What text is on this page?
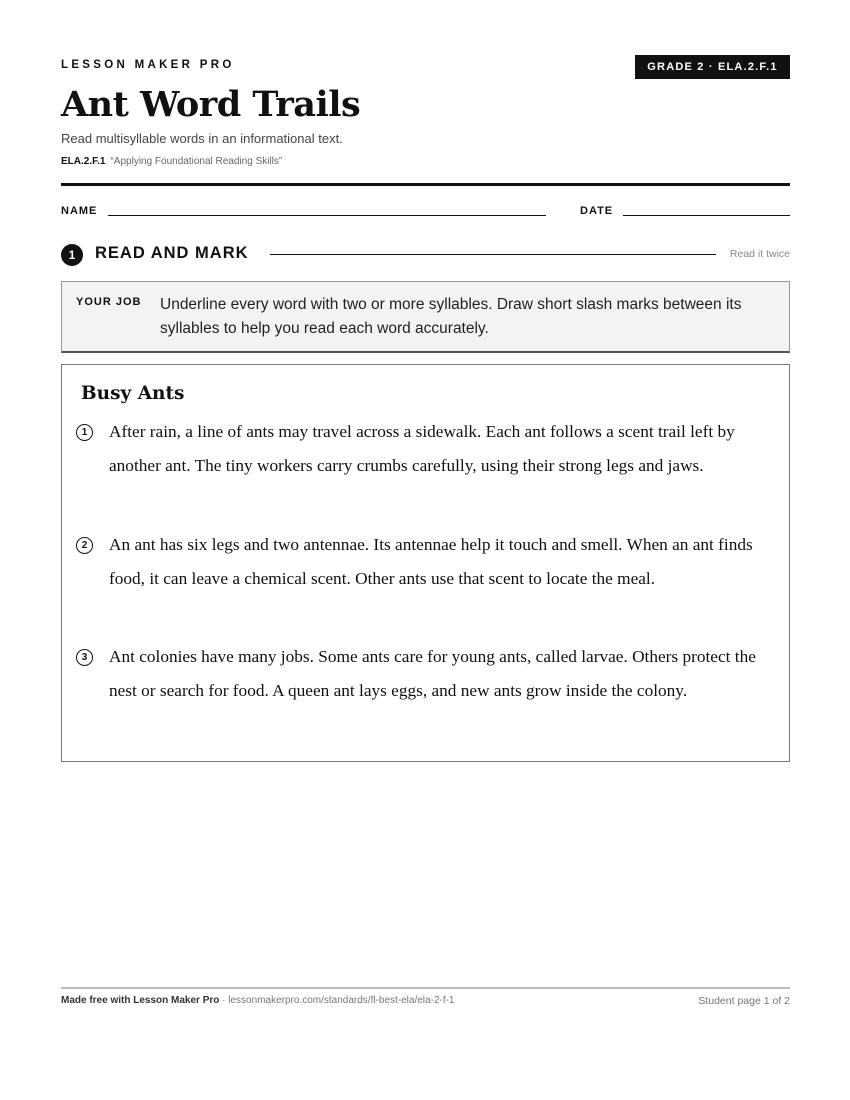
LESSON MAKER PRO	GRADE 2 · ELA.2.F.1
Ant Word Trails
Read multisyllable words in an informational text.
ELA.2.F.1 “Applying Foundational Reading Skills”
NAME	DATE
1	READ AND MARK	Read it twice
YOUR JOB Underline every word with two or more syllables. Draw short slash marks between its syllables to help you read each word accurately.
Busy Ants
1	After rain, a line of ants may travel across a sidewalk. Each ant follows a scent trail left by another ant. The tiny workers carry crumbs carefully, using their strong legs and jaws.
2	An ant has six legs and two antennae. Its antennae help it touch and smell. When an ant finds food, it can leave a chemical scent. Other ants use that scent to locate the meal.
3	Ant colonies have many jobs. Some ants care for young ants, called larvae. Others protect the nest or search for food. A queen ant lays eggs, and new ants grow inside the colony.
Made free with Lesson Maker Pro · lessonmakerpro.com/standards/fl-best-ela/ela-2-f-1	Student page 1 of 2
